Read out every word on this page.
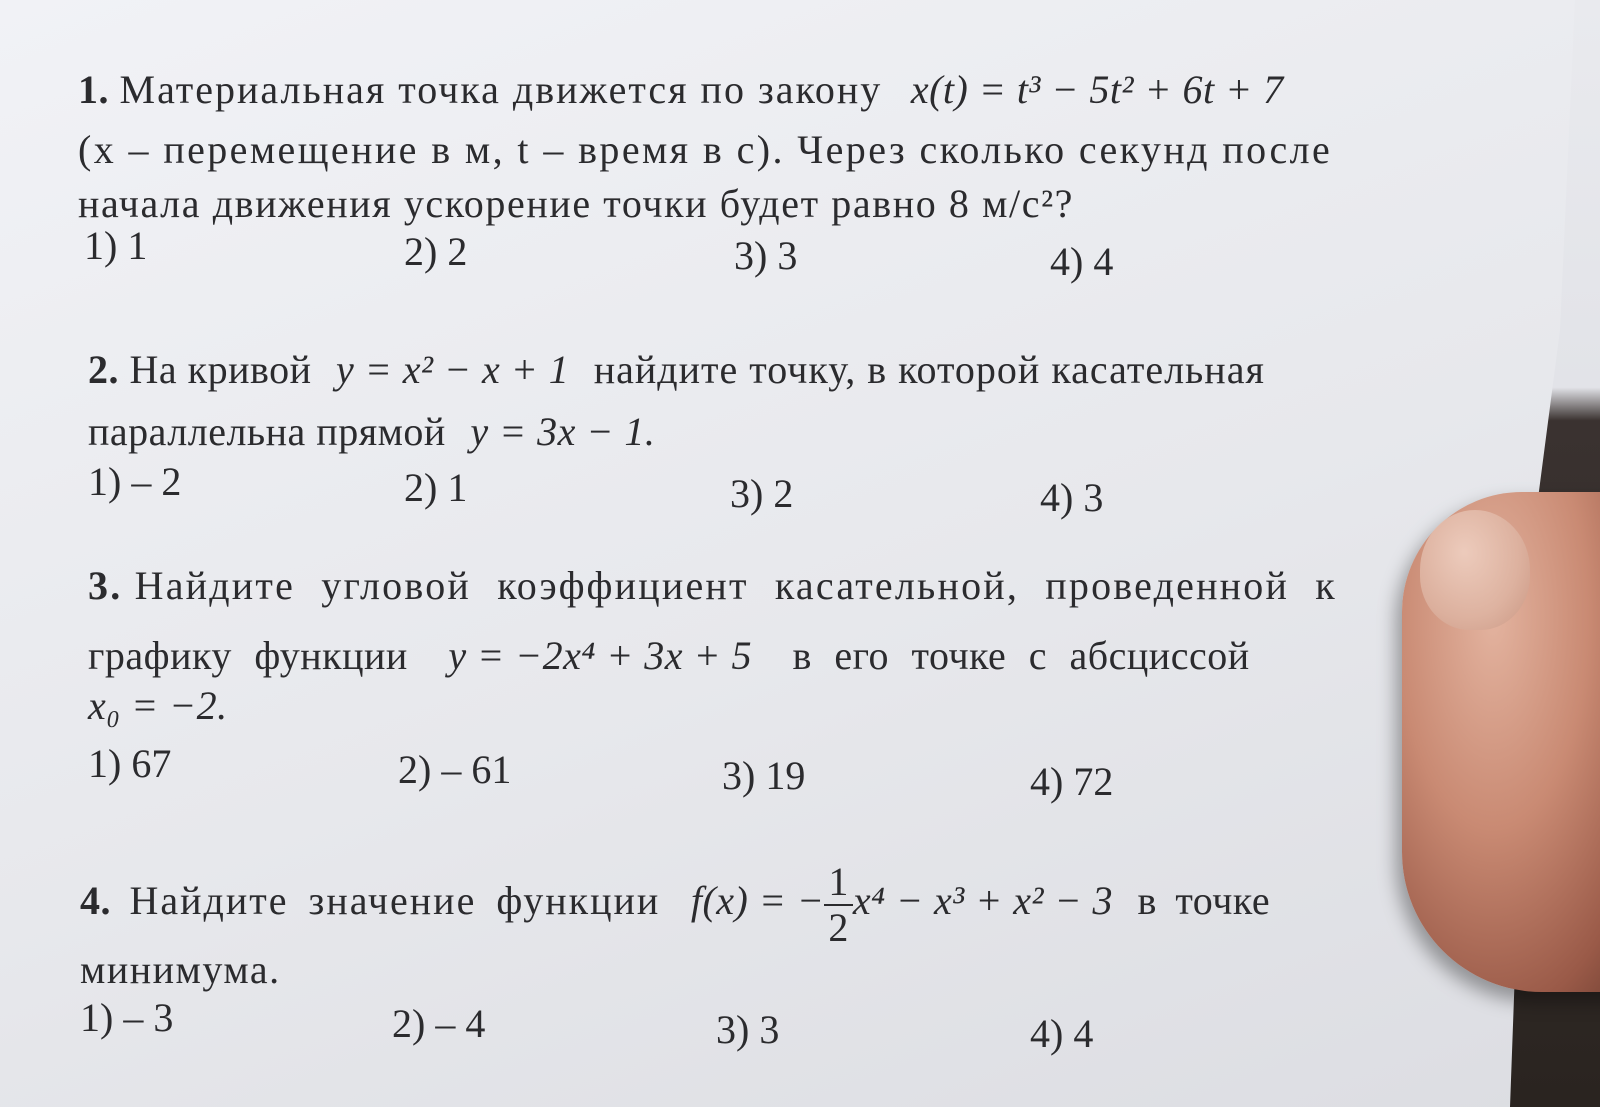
1. Материальная точка движется по закону x(t) = t³ − 5t² + 6t + 7
(x – перемещение в м, t – время в с). Через сколько секунд после
начала движения ускорение точки будет равно 8 м/с²?
1) 1	2) 2	3) 3	4) 4
2. На кривой y = x² − x + 1 найдите точку, в которой касательная
параллельна прямой y = 3x − 1.
1) – 2	2) 1	3) 2	4) 3
3. Найдите угловой коэффициент касательной, проведенной к
графику функции y = −2x⁴ + 3x + 5 в его точке с абсциссой
x₀ = −2.
1) 67	2) – 61	3) 19	4) 72
4. Найдите значение функции f(x) = − $\frac{1}{2} x^4 - x^3 + x^2 - 3$ в точке
минимума.
1) – 3	2) – 4	3) 3	4) 4
